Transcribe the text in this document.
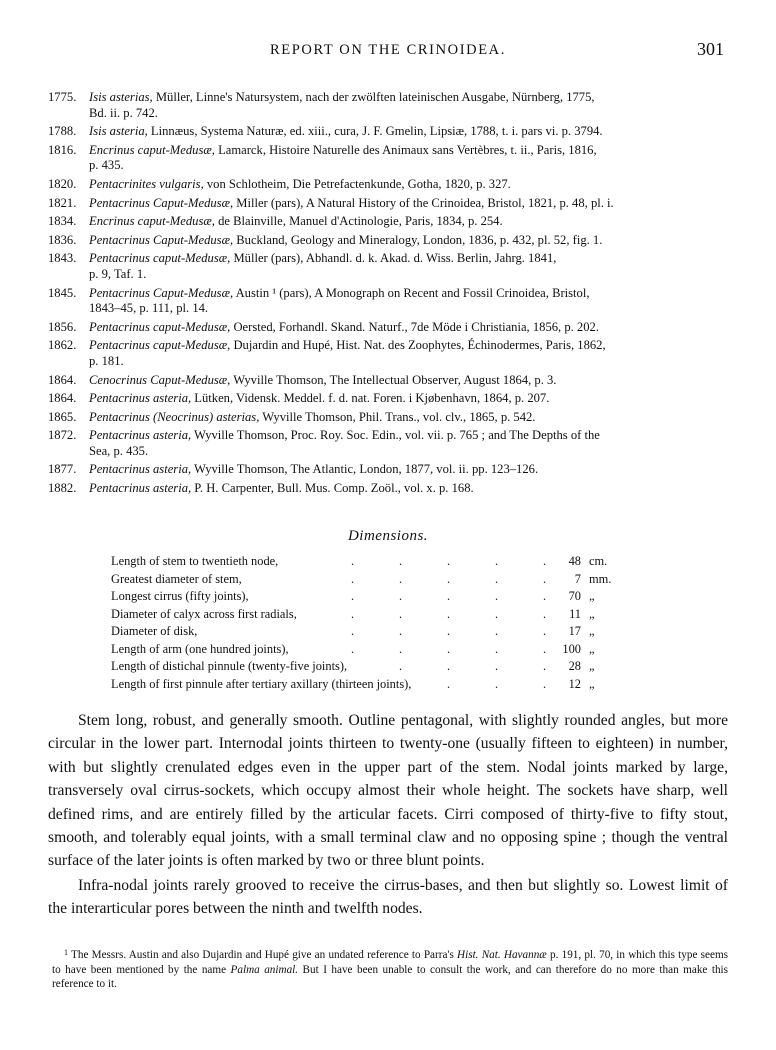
REPORT ON THE CRINOIDEA.	301
1775. Isis asterias, Müller, Linne's Natursystem, nach der zwölften lateinischen Ausgabe, Nürnberg, 1775,
Bd. ii. p. 742.
1788. Isis asteria, Linnæus, Systema Naturæ, ed. xiii., cura, J. F. Gmelin, Lipsiæ, 1788, t. i. pars vi. p. 3794.
1816. Encrinus caput-Medusæ, Lamarck, Histoire Naturelle des Animaux sans Vertèbres, t. ii., Paris, 1816,
p. 435.
1820. Pentacrinites vulgaris, von Schlotheim, Die Petrefactenkunde, Gotha, 1820, p. 327.
1821. Pentacrinus Caput-Medusæ, Miller (pars), A Natural History of the Crinoidea, Bristol, 1821, p. 48, pl. i.
1834. Encrinus caput-Medusæ, de Blainville, Manuel d'Actinologie, Paris, 1834, p. 254.
1836. Pentacrinus Caput-Medusæ, Buckland, Geology and Mineralogy, London, 1836, p. 432, pl. 52, fig. 1.
1843. Pentacrinus caput-Medusæ, Müller (pars), Abhandl. d. k. Akad. d. Wiss. Berlin, Jahrg. 1841,
p. 9, Taf. 1.
1845. Pentacrinus Caput-Medusæ, Austin ¹ (pars), A Monograph on Recent and Fossil Crinoidea, Bristol,
1843–45, p. 111, pl. 14.
1856. Pentacrinus caput-Medusæ, Oersted, Forhandl. Skand. Naturf., 7de Möde i Christiania, 1856, p. 202.
1862. Pentacrinus caput-Medusæ, Dujardin and Hupé, Hist. Nat. des Zoophytes, Échinodermes, Paris, 1862,
p. 181.
1864. Cenocrinus Caput-Medusæ, Wyville Thomson, The Intellectual Observer, August 1864, p. 3.
1864. Pentacrinus asteria, Lütken, Vidensk. Meddel. f. d. nat. Foren. i Kjøbenhavn, 1864, p. 207.
1865. Pentacrinus (Neocrinus) asterias, Wyville Thomson, Phil. Trans., vol. clv., 1865, p. 542.
1872. Pentacrinus asteria, Wyville Thomson, Proc. Roy. Soc. Edin., vol. vii. p. 765 ; and The Depths of the
Sea, p. 435.
1877. Pentacrinus asteria, Wyville Thomson, The Atlantic, London, 1877, vol. ii. pp. 123–126.
1882. Pentacrinus asteria, P. H. Carpenter, Bull. Mus. Comp. Zoöl., vol. x. p. 168.
Dimensions.
Length of stem to twentieth node,	48 cm.
.	.	.	.	.
Greatest diameter of stem,	7 mm.
.	.	.	.	.
Longest cirrus (fifty joints),	70 „
.	.	.	.	.
Diameter of calyx across first radials,	11 „
.	.	.	.	.
Diameter of disk,	17 „
.	.	.	.	.
Length of arm (one hundred joints),	100 „
.	.	.	.	.
Length of distichal pinnule (twenty-five joints),	28 „
.	.	.	.
Length of first pinnule after tertiary axillary (thirteen joints),	12 „
.	.	.

Stem long, robust, and generally smooth. Outline pentagonal, with slightly rounded angles, but more circular in the lower part. Internodal joints thirteen to twenty-one (usually fifteen to eighteen) in number, with but slightly crenulated edges even in the upper part of the stem. Nodal joints marked by large, transversely oval cirrus-sockets, which occupy almost their whole height. The sockets have sharp, well defined rims, and are entirely filled by the articular facets. Cirri composed of thirty-five to fifty stout, smooth, and tolerably equal joints, with a small terminal claw and no opposing spine ; though the ventral surface of the later joints is often marked by two or three blunt points.

Infra-nodal joints rarely grooved to receive the cirrus-bases, and then but slightly so. Lowest limit of the interarticular pores between the ninth and twelfth nodes.

$^1$ The Messrs. Austin and also Dujardin and Hupé give an undated reference to Parra's Hist. Nat. Havannæ p. 191, pl. 70, in which this type seems to have been mentioned by the name Palma animal. But I have been unable to consult the work, and can therefore do no more than make this reference to it.
